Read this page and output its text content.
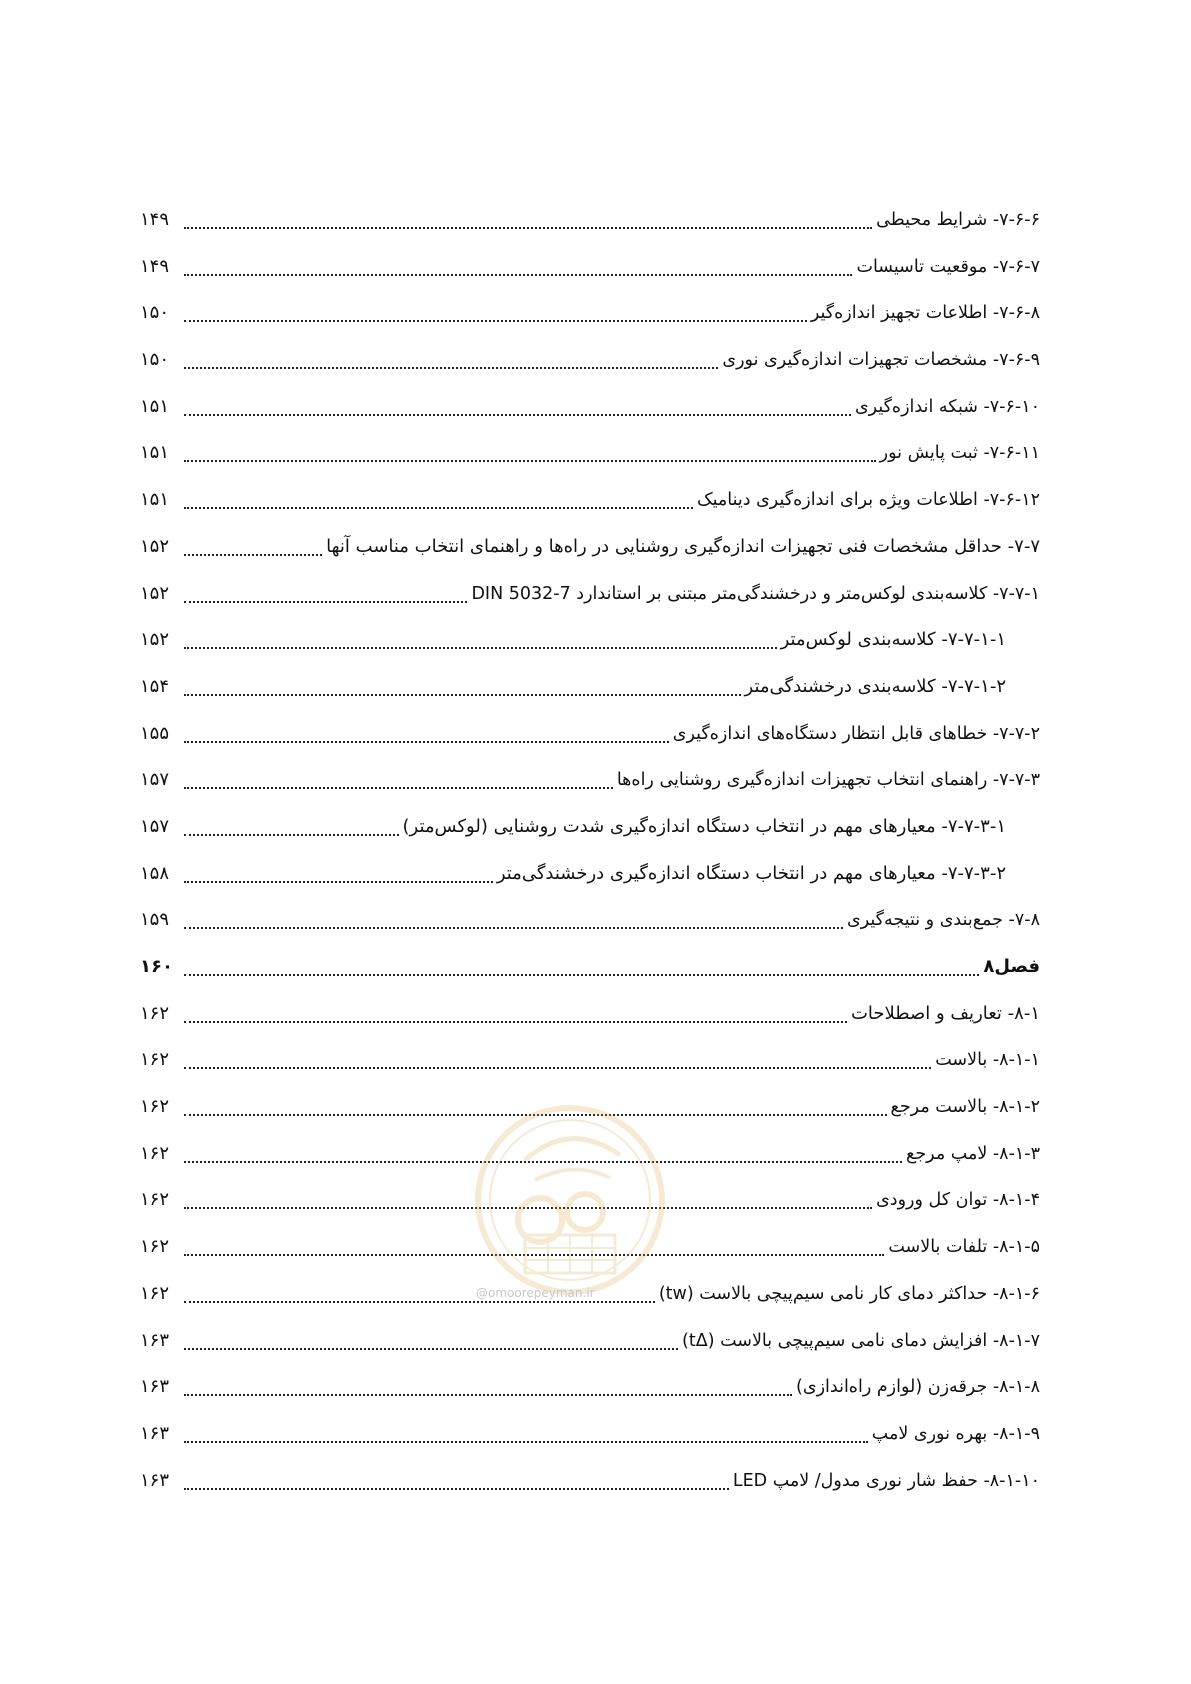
۷-۶-۶- شرایط محیطی
۱۴۹
۷-۶-۷- موقعیت تاسیسات
۱۴۹
۷-۶-۸- اطلاعات تجهیز اندازه‌گیر
۱۵۰
۷-۶-۹- مشخصات تجهیزات اندازه‌گیری نوری
۱۵۰
۷-۶-۱۰- شبکه اندازه‌گیری
۱۵۱
۷-۶-۱۱- ثبت پایش نور
۱۵۱
۷-۶-۱۲- اطلاعات ویژه برای اندازه‌گیری دینامیک
۱۵۱
۷-۷- حداقل مشخصات فنی تجهیزات اندازه‌گیری روشنایی در راه‌ها و راهنمای انتخاب مناسب آنها
۱۵۲
۷-۷-۱- کلاسه‌بندی لوکس‌متر و درخشندگی‌متر مبتنی بر استاندارد DIN 5032-7
۱۵۲
۷-۷-۱-۱- کلاسه‌بندی لوکس‌متر
۱۵۲
۷-۷-۱-۲- کلاسه‌بندی درخشندگی‌متر
۱۵۴
۷-۷-۲- خطاهای قابل انتظار دستگاه‌های اندازه‌گیری
۱۵۵
۷-۷-۳- راهنمای انتخاب تجهیزات اندازه‌گیری روشنایی راه‌ها
۱۵۷
۷-۷-۳-۱- معیارهای مهم در انتخاب دستگاه اندازه‌گیری شدت روشنایی (لوکس‌متر)
۱۵۷
۷-۷-۳-۲- معیارهای مهم در انتخاب دستگاه اندازه‌گیری درخشندگی‌متر
۱۵۸
۷-۸- جمع‌بندی و نتیجه‌گیری
۱۵۹
فصل۸
۱۶۰
۸-۱- تعاریف و اصطلاحات
۱۶۲
۸-۱-۱- بالاست
۱۶۲
۸-۱-۲- بالاست مرجع
۱۶۲
۸-۱-۳- لامپ مرجع
۱۶۲
۸-۱-۴- توان کل ورودی
۱۶۲
۸-۱-۵- تلفات بالاست
۱۶۲
۸-۱-۶- حداکثر دمای کار نامی سیم‌پیچی بالاست (tw)
۱۶۲
۸-۱-۷- افزایش دمای نامی سیم‌پیچی بالاست (tΔ)
۱۶۳
۸-۱-۸- جرقه‌زن (لوازم راه‌اندازی)
۱۶۳
۸-۱-۹- بهره نوری لامپ
۱۶۳
۸-۱-۱۰- حفظ شار نوری مدول/ لامپ LED
۱۶۳
@omoorepeyman.ir
